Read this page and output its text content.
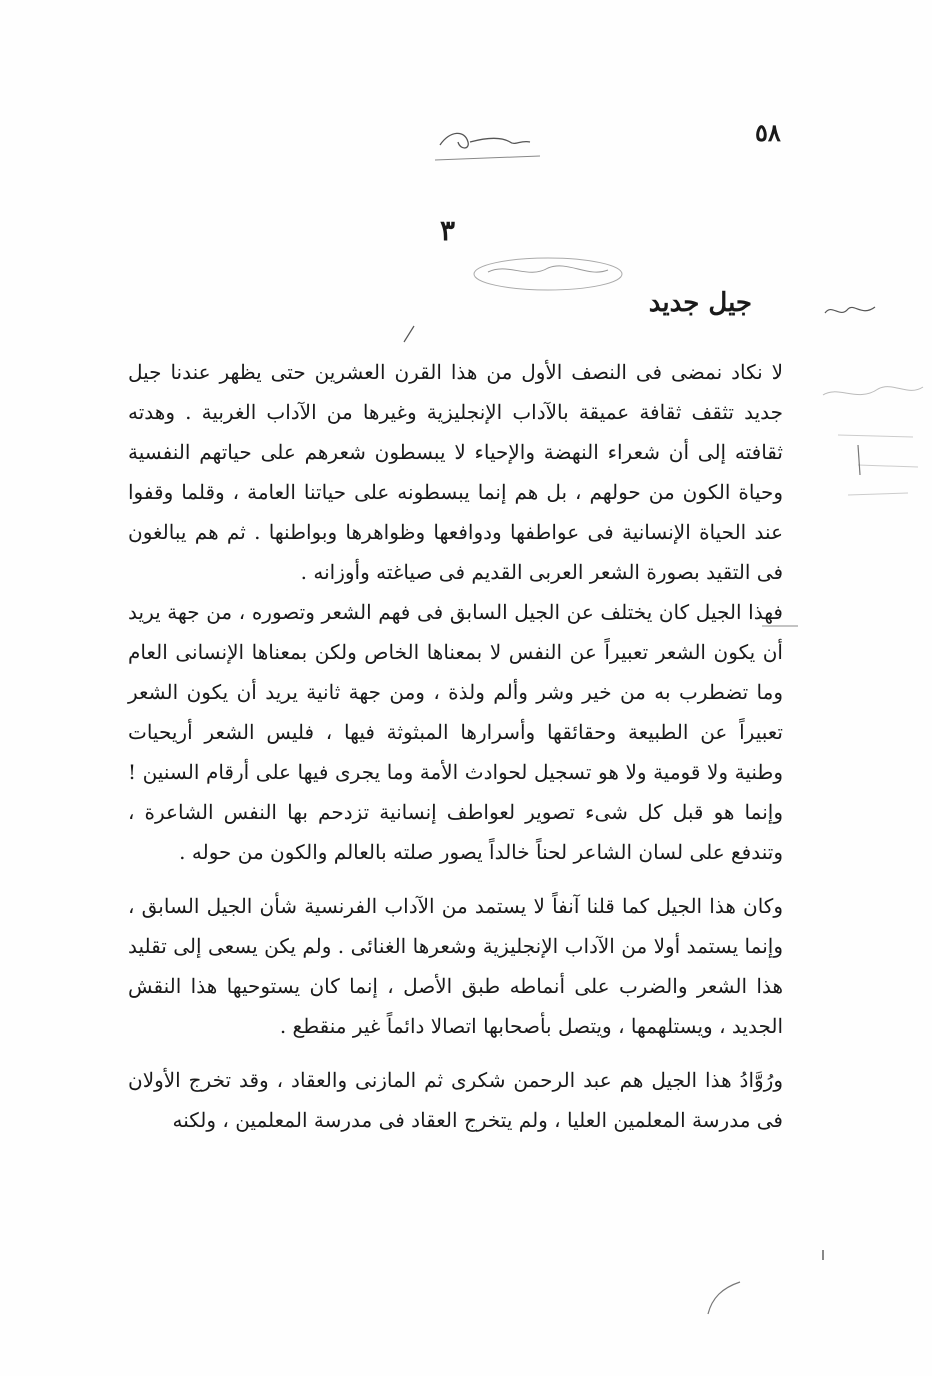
٥٨
٣
جيل جديد

لا نكاد نمضى فى النصف الأول من هذا القرن العشرين حتى يظهر عندنا جيل جديد تثقف ثقافة عميقة بالآداب الإنجليزية وغيرها من الآداب الغربية . وهدته ثقافته إلى أن شعراء النهضة والإحياء لا يبسطون شعرهم على حياتهم النفسية وحياة الكون من حولهم ، بل هم إنما يبسطونه على حياتنا العامة ، وقلما وقفوا عند الحياة الإنسانية فى عواطفها ودوافعها وظواهرها وبواطنها . ثم هم يبالغون فى التقيد بصورة الشعر العربى القديم فى صياغته وأوزانه .

فهذا الجيل كان يختلف عن الجيل السابق فى فهم الشعر وتصوره ، من جهة يريد أن يكون الشعر تعبيراً عن النفس لا بمعناها الخاص ولكن بمعناها الإنسانى العام وما تضطرب به من خير وشر وألم ولذة ، ومن جهة ثانية يريد أن يكون الشعر تعبيراً عن الطبيعة وحقائقها وأسرارها المبثوثة فيها ، فليس الشعر أريحيات وطنية ولا قومية ولا هو تسجيل لحوادث الأمة وما يجرى فيها على أرقام السنين ! وإنما هو قبل كل شىء تصوير لعواطف إنسانية تزدحم بها النفس الشاعرة ، وتندفع على لسان الشاعر لحناً خالداً يصور صلته بالعالم والكون من حوله .

وكان هذا الجيل كما قلنا آنفاً لا يستمد من الآداب الفرنسية شأن الجيل السابق ، وإنما يستمد أولا من الآداب الإنجليزية وشعرها الغنائى . ولم يكن يسعى إلى تقليد هذا الشعر والضرب على أنماطه طبق الأصل ، إنما كان يستوحيها هذا النقش الجديد ، ويستلهمها ، ويتصل بأصحابها اتصالا دائماً غير منقطع .

ورُوَّادُ هذا الجيل هم عبد الرحمن شكرى ثم المازنى والعقاد ، وقد تخرج الأولان فى مدرسة المعلمين العليا ، ولم يتخرج العقاد فى مدرسة المعلمين ، ولكنه
